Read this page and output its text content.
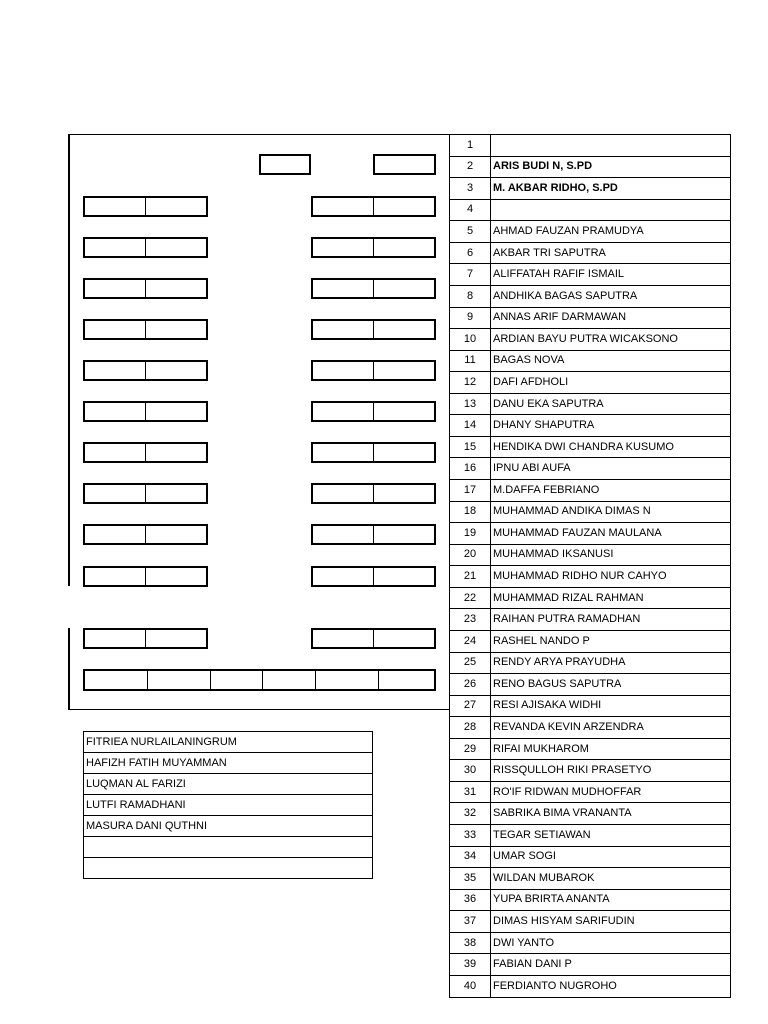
1	
2	ARIS BUDI N, S.PD
3	M. AKBAR RIDHO, S.PD
4	
5	AHMAD FAUZAN PRAMUDYA
6	AKBAR TRI SAPUTRA
7	ALIFFATAH RAFIF ISMAIL
8	ANDHIKA BAGAS SAPUTRA
9	ANNAS ARIF DARMAWAN
10	ARDIAN BAYU PUTRA WICAKSONO
11	BAGAS NOVA
12	DAFI AFDHOLI
13	DANU EKA SAPUTRA
14	DHANY SHAPUTRA
15	HENDIKA DWI CHANDRA KUSUMO
16	IPNU ABI AUFA
17	M.DAFFA FEBRIANO
18	MUHAMMAD ANDIKA DIMAS N
19	MUHAMMAD FAUZAN MAULANA
20	MUHAMMAD IKSANUSI
21	MUHAMMAD RIDHO NUR CAHYO
22	MUHAMMAD RIZAL RAHMAN
23	RAIHAN PUTRA RAMADHAN
24	RASHEL NANDO P
25	RENDY ARYA PRAYUDHA
26	RENO BAGUS SAPUTRA
27	RESI AJISAKA WIDHI
28	REVANDA KEVIN ARZENDRA
29	RIFAI MUKHAROM
30	RISSQULLOH RIKI PRASETYO
31	RO'IF RIDWAN MUDHOFFAR
32	SABRIKA BIMA VRANANTA
33	TEGAR SETIAWAN
34	UMAR SOGI
35	WILDAN MUBAROK
36	YUPA BRIRTA ANANTA
37	DIMAS HISYAM SARIFUDIN
38	DWI YANTO
39	FABIAN DANI P
40	FERDIANTO NUGROHO
FITRIEA NURLAILANINGRUM
HAFIZH FATIH MUYAMMAN
LUQMAN AL FARIZI
LUTFI RAMADHANI
MASURA DANI QUTHNI
